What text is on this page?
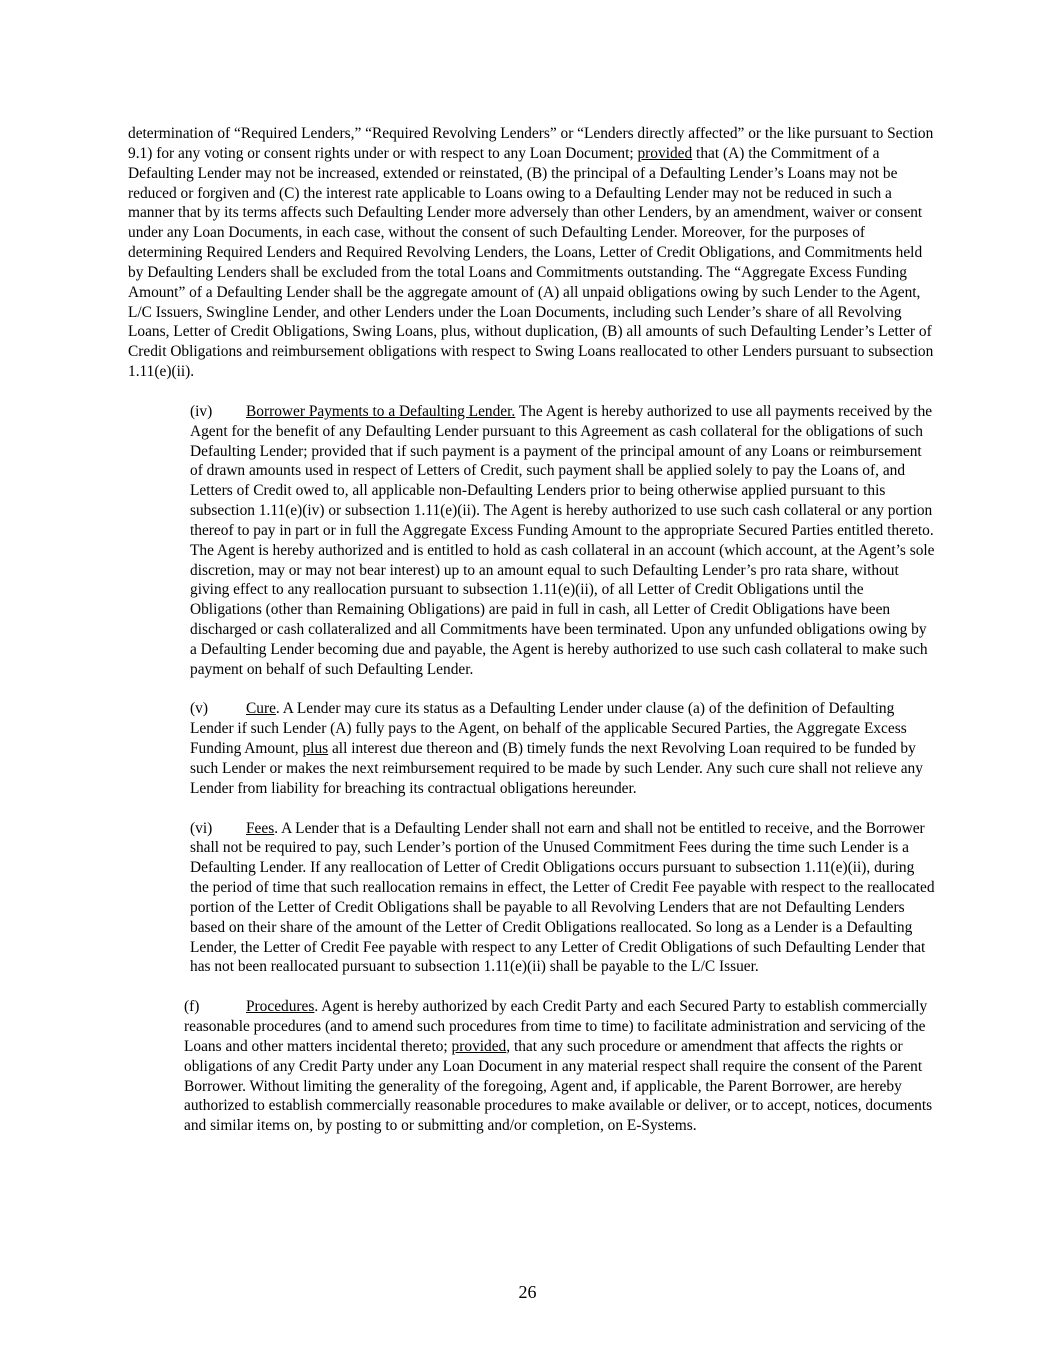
determination of “Required Lenders,” “Required Revolving Lenders” or “Lenders directly affected” or the like pursuant to Section 9.1) for any voting or consent rights under or with respect to any Loan Document; provided that (A) the Commitment of a Defaulting Lender may not be increased, extended or reinstated, (B) the principal of a Defaulting Lender’s Loans may not be reduced or forgiven and (C) the interest rate applicable to Loans owing to a Defaulting Lender may not be reduced in such a manner that by its terms affects such Defaulting Lender more adversely than other Lenders, by an amendment, waiver or consent under any Loan Documents, in each case, without the consent of such Defaulting Lender. Moreover, for the purposes of determining Required Lenders and Required Revolving Lenders, the Loans, Letter of Credit Obligations, and Commitments held by Defaulting Lenders shall be excluded from the total Loans and Commitments outstanding. The “Aggregate Excess Funding Amount” of a Defaulting Lender shall be the aggregate amount of (A) all unpaid obligations owing by such Lender to the Agent, L/C Issuers, Swingline Lender, and other Lenders under the Loan Documents, including such Lender’s share of all Revolving Loans, Letter of Credit Obligations, Swing Loans, plus, without duplication, (B) all amounts of such Defaulting Lender’s Letter of Credit Obligations and reimbursement obligations with respect to Swing Loans reallocated to other Lenders pursuant to subsection 1.11(e)(ii).

(iv) Borrower Payments to a Defaulting Lender. The Agent is hereby authorized to use all payments received by the Agent for the benefit of any Defaulting Lender pursuant to this Agreement as cash collateral for the obligations of such Defaulting Lender; provided that if such payment is a payment of the principal amount of any Loans or reimbursement of drawn amounts used in respect of Letters of Credit, such payment shall be applied solely to pay the Loans of, and Letters of Credit owed to, all applicable non-Defaulting Lenders prior to being otherwise applied pursuant to this subsection 1.11(e)(iv) or subsection 1.11(e)(ii). The Agent is hereby authorized to use such cash collateral or any portion thereof to pay in part or in full the Aggregate Excess Funding Amount to the appropriate Secured Parties entitled thereto. The Agent is hereby authorized and is entitled to hold as cash collateral in an account (which account, at the Agent’s sole discretion, may or may not bear interest) up to an amount equal to such Defaulting Lender’s pro rata share, without giving effect to any reallocation pursuant to subsection 1.11(e)(ii), of all Letter of Credit Obligations until the Obligations (other than Remaining Obligations) are paid in full in cash, all Letter of Credit Obligations have been discharged or cash collateralized and all Commitments have been terminated. Upon any unfunded obligations owing by a Defaulting Lender becoming due and payable, the Agent is hereby authorized to use such cash collateral to make such payment on behalf of such Defaulting Lender.

(v) Cure. A Lender may cure its status as a Defaulting Lender under clause (a) of the definition of Defaulting Lender if such Lender (A) fully pays to the Agent, on behalf of the applicable Secured Parties, the Aggregate Excess Funding Amount, plus all interest due thereon and (B) timely funds the next Revolving Loan required to be funded by such Lender or makes the next reimbursement required to be made by such Lender. Any such cure shall not relieve any Lender from liability for breaching its contractual obligations hereunder.

(vi) Fees. A Lender that is a Defaulting Lender shall not earn and shall not be entitled to receive, and the Borrower shall not be required to pay, such Lender’s portion of the Unused Commitment Fees during the time such Lender is a Defaulting Lender. If any reallocation of Letter of Credit Obligations occurs pursuant to subsection 1.11(e)(ii), during the period of time that such reallocation remains in effect, the Letter of Credit Fee payable with respect to the reallocated portion of the Letter of Credit Obligations shall be payable to all Revolving Lenders that are not Defaulting Lenders based on their share of the amount of the Letter of Credit Obligations reallocated. So long as a Lender is a Defaulting Lender, the Letter of Credit Fee payable with respect to any Letter of Credit Obligations of such Defaulting Lender that has not been reallocated pursuant to subsection 1.11(e)(ii) shall be payable to the L/C Issuer.

(f)	Procedures. Agent is hereby authorized by each Credit Party and each Secured Party to establish commercially reasonable procedures (and to amend such procedures from time to time) to facilitate administration and servicing of the Loans and other matters incidental thereto; provided, that any such procedure or amendment that affects the rights or obligations of any Credit Party under any Loan Document in any material respect shall require the consent of the Parent Borrower. Without limiting the generality of the foregoing, Agent and, if applicable, the Parent Borrower, are hereby authorized to establish commercially reasonable procedures to make available or deliver, or to accept, notices, documents and similar items on, by posting to or submitting and/or completion, on E-Systems.

26
